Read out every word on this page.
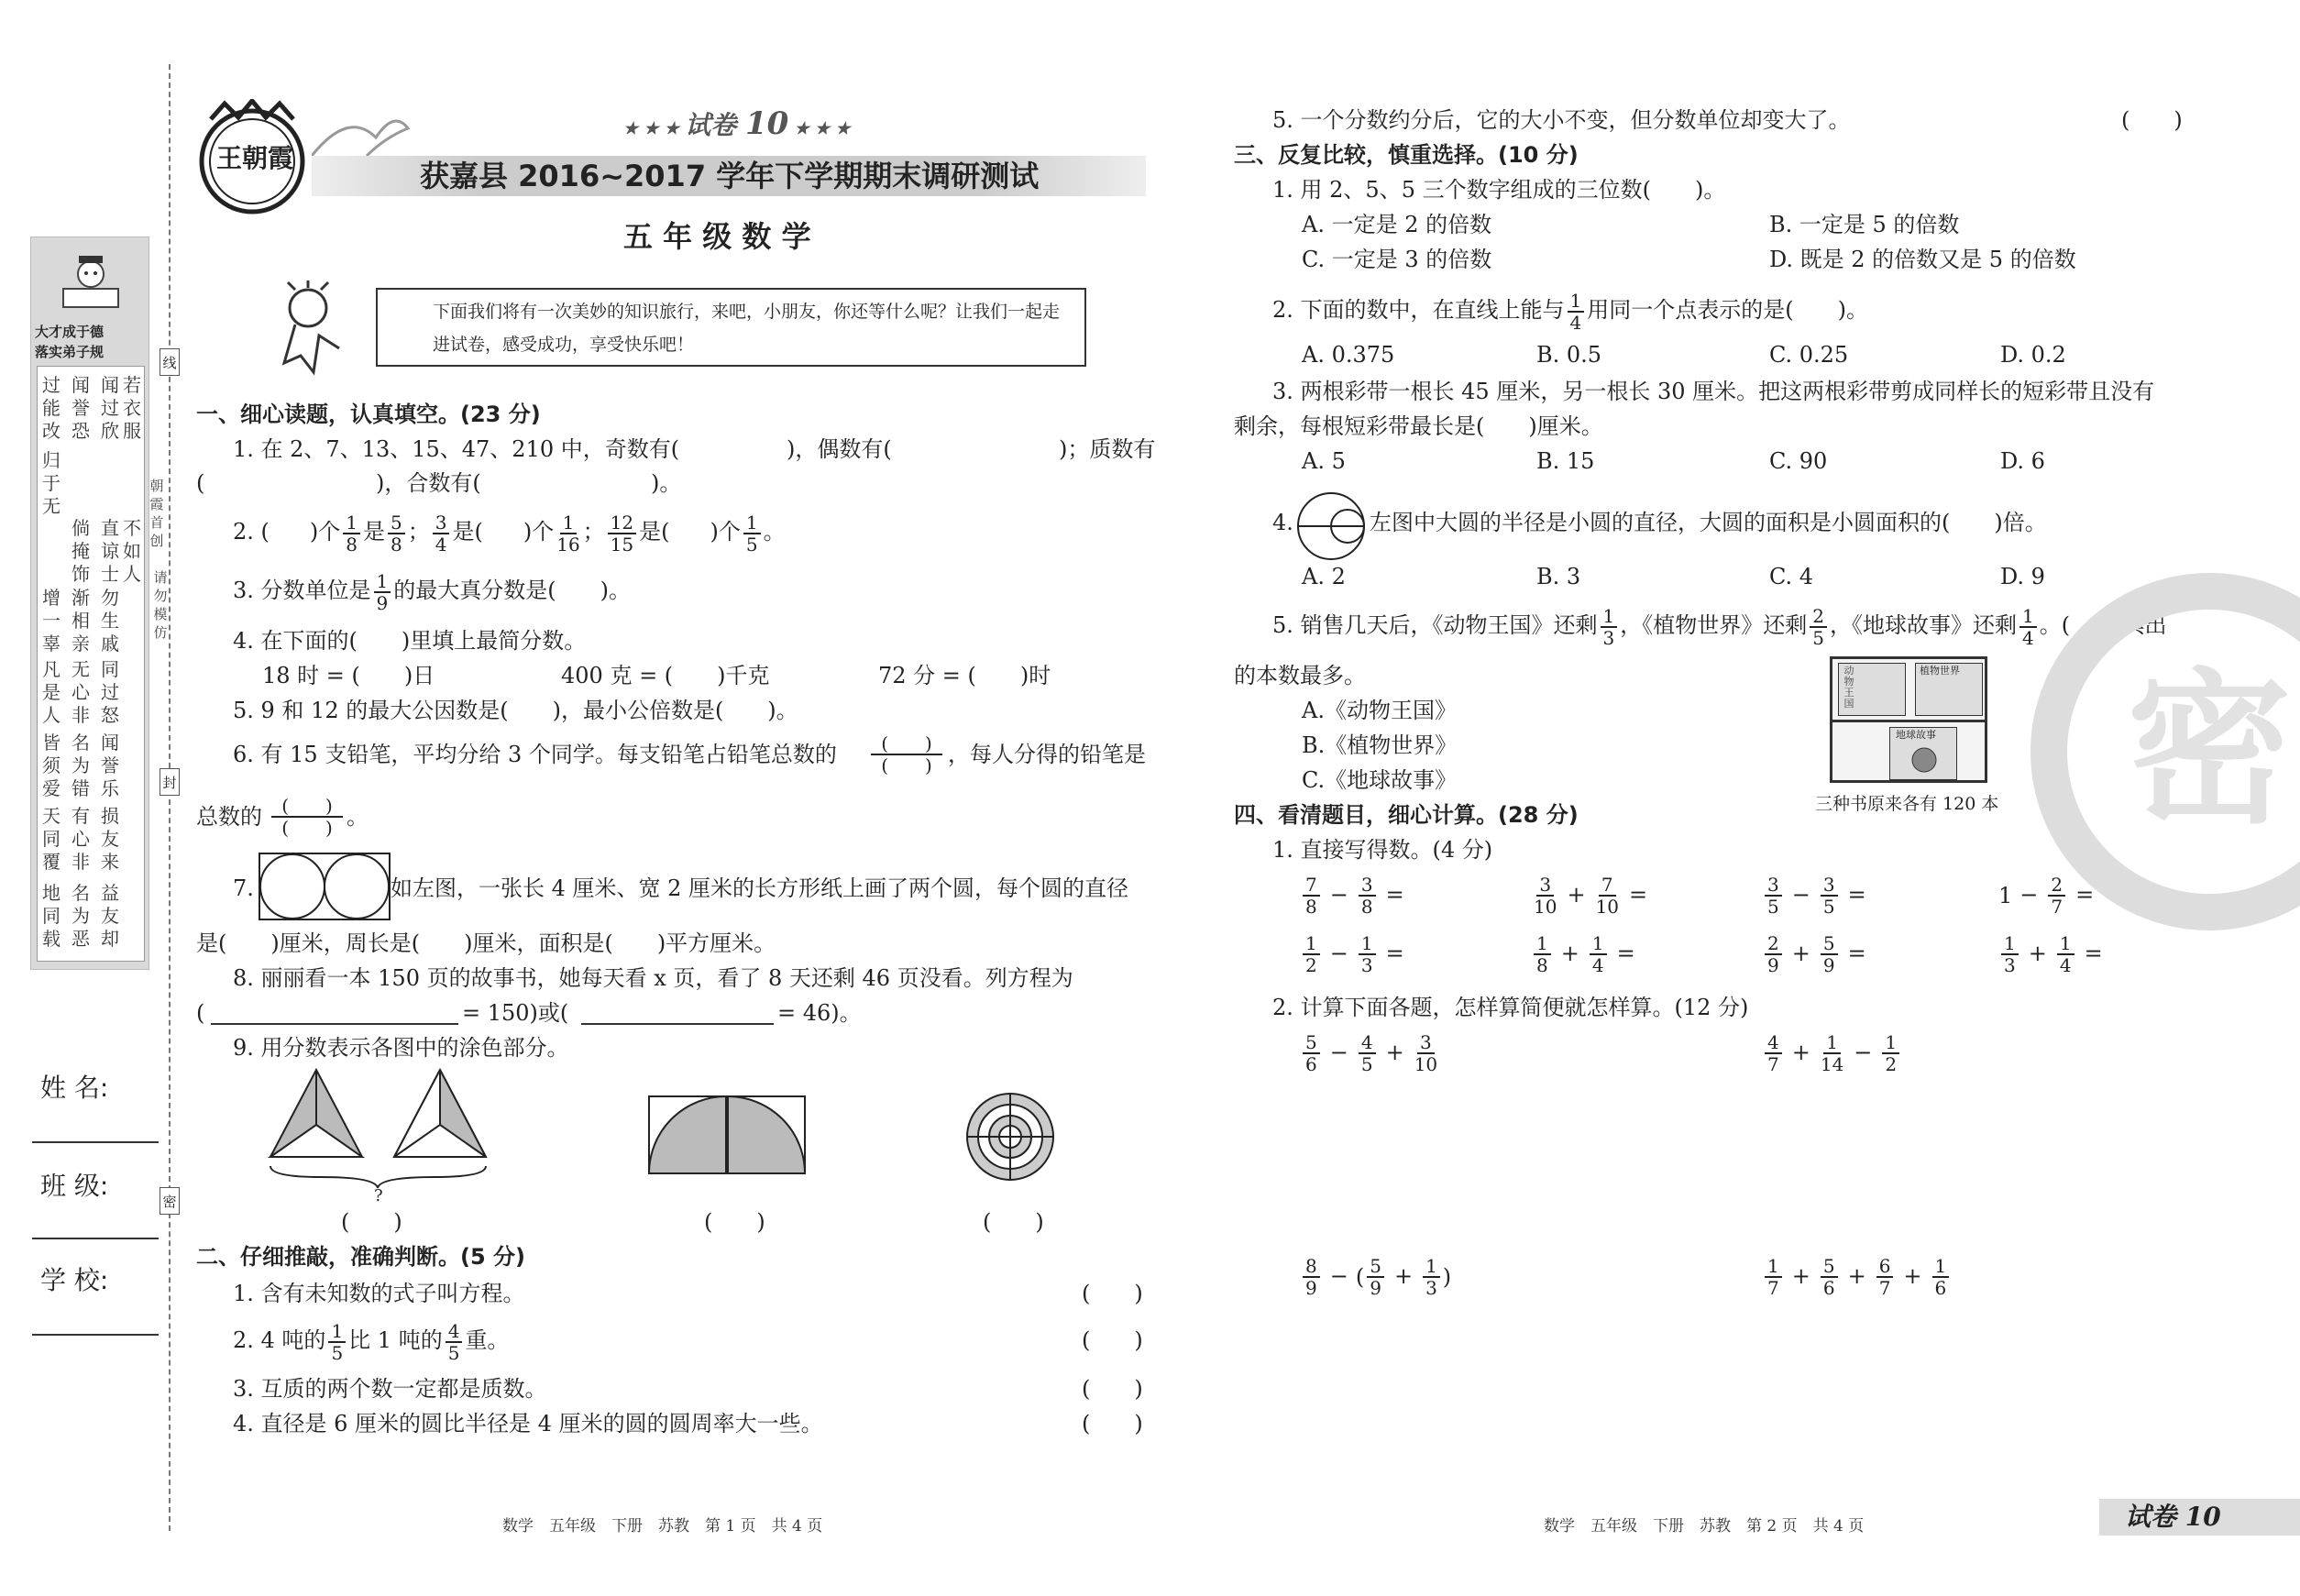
大才成于德
落实弟子规
过能改
闻誉恐
闻过欣
若衣服
归于无
倘掩饰
直谅士
不如人
增一辜
渐相亲
勿生戚
凡是人
无心非
同过怒
皆须爱
名为错
闻誉乐
天同覆
有心非
损友来
地同载
名为恶
益友却
线
封
密
朝霞首创
请勿模仿
姓 名:
班 级:
学 校:
王朝霞
★ ★ ★ 试卷 10 ★ ★ ★
获嘉县 2016~2017 学年下学期期末调研测试
五 年 级 数 学
下面我们将有一次美妙的知识旅行，来吧，小朋友，你还等什么呢？让我们一起走进试卷，感受成功，享受快乐吧！
一、细心读题，认真填空。(23 分)
1. 在 2、7、13、15、47、210 中，奇数有(	)，偶数有(	)；质数有
(	)，合数有(	)。
2. ( )个 $\frac{1}{8}$ 是 $\frac{5}{8}$ ； $\frac{3}{4}$ 是( )个 $\frac{1}{16}$ ； $\frac{12}{15}$ 是( )个 $\frac{1}{5}$ 。
3. 分数单位是 $\frac{1}{9}$ 的最大真分数是(　　)。
4. 在下面的(　　)里填上最简分数。
18 时 = (　　)日	400 克 = (　　)千克	72 分 = (　　)时
5. 9 和 12 的最大公因数是(　　)，最小公倍数是(　　)。
6. 有 15 支铅笔，平均分给 3 个同学。每支铅笔占铅笔总数的	(　　)
(　　) ，每人分得的铅笔是
总数的	(　　)
(　　) 。
7.	如左图，一张长 4 厘米、宽 2 厘米的长方形纸上画了两个圆，每个圆的直径
是(　　)厘米，周长是(　　)厘米，面积是(　　)平方厘米。
8. 丽丽看一本 150 页的故事书，她每天看 x 页，看了 8 天还剩 46 页没看。列方程为
(	= 150)或(	= 46)。
9. 用分数表示各图中的涂色部分。
?
(　　)	(　　)	(　　)
二、仔细推敲，准确判断。(5 分)
1. 含有未知数的式子叫方程。	(　　)
2. 4 吨的 $\frac{1}{5}$ 比 1 吨的 $\frac{4}{5}$ 重。	(　　)
3. 互质的两个数一定都是质数。	(　　)
4. 直径是 6 厘米的圆比半径是 4 厘米的圆的圆周率大一些。	(　　)
数学　五年级　下册　苏教　第 1 页　共 4 页
5. 一个分数约分后，它的大小不变，但分数单位却变大了。	(　　)
三、反复比较，慎重选择。(10 分)
1. 用 2、5、5 三个数字组成的三位数(　　)。
A. 一定是 2 的倍数	B. 一定是 5 的倍数
C. 一定是 3 的倍数	D. 既是 2 的倍数又是 5 的倍数
2. 下面的数中，在直线上能与 $\frac{1}{4}$ 用同一个点表示的是(　　)。
A. 0.375	B. 0.5	C. 0.25	D. 0.2
3. 两根彩带一根长 45 厘米，另一根长 30 厘米。把这两根彩带剪成同样长的短彩带且没有
剩余，每根短彩带最长是(　　)厘米。
A. 5	B. 15	C. 90	D. 6
4.	左图中大圆的半径是小圆的直径，大圆的面积是小圆面积的(　　)倍。
A. 2	B. 3	C. 4	D. 9
5. 销售几天后，《动物王国》还剩 $\frac{1}{3}$ ，《植物世界》还剩 $\frac{2}{5}$ ，《地球故事》还剩 $\frac{1}{4}$ 。(　　)卖出
的本数最多。
A.《动物王国》
B.《植物世界》
C.《地球故事》
动物王国
植物世界
地球故事
三种书原来各有 120 本
四、看清题目，细心计算。(28 分)
1. 直接写得数。(4 分)
$\frac{7}{8} - \frac{3}{8}$ =	$\frac{3}{10} + \frac{7}{10}$ =	$\frac{3}{5} - \frac{3}{5}$ =	$1 - \frac{2}{7}$ =
$\frac{1}{2} - \frac{1}{3}$ =	$\frac{1}{8} + \frac{1}{4}$ =	$\frac{2}{9} + \frac{5}{9}$ =	$\frac{1}{3} + \frac{1}{4}$ =
2. 计算下面各题，怎样算简便就怎样算。(12 分)
$\frac{5}{6} - \frac{4}{5} + \frac{3}{10}$	$\frac{4}{7} + \frac{1}{14} - \frac{1}{2}$
$\frac{8}{9}$ − ( $\frac{5}{9} + \frac{1}{3}$ )	$\frac{1}{7} + \frac{5}{6} + \frac{6}{7} + \frac{1}{6}$
密
数学　五年级　下册　苏教　第 2 页　共 4 页	试卷 10
